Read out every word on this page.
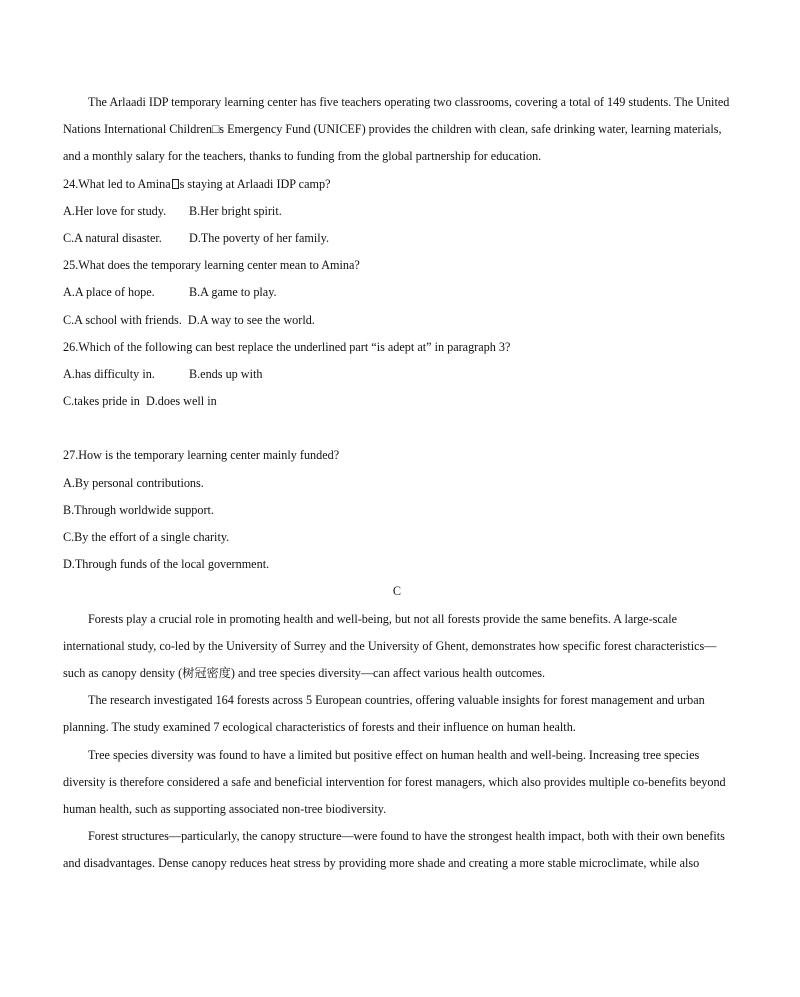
The Arlaadi IDP temporary learning center has five teachers operating two classrooms, covering a total of 149 students. The United
Nations International Children□s Emergency Fund (UNICEF) provides the children with clean, safe drinking water, learning materials,
and a monthly salary for the teachers, thanks to funding from the global partnership for education.
24.What led to Amina s staying at Arlaadi IDP camp?
A.Her love for study. B.Her bright spirit.
C.A natural disaster. D.The poverty of her family.
25.What does the temporary learning center mean to Amina?
A.A place of hope.	B.A game to play.
C.A school with friends. D.A way to see the world.
26.Which of the following can best replace the underlined part “is adept at” in paragraph 3?
A.has difficulty in.	B.ends up with
C.takes pride in D.does well in
27.How is the temporary learning center mainly funded?
A.By personal contributions.
B.Through worldwide support.
C.By the effort of a single charity.
D.Through funds of the local government.
C
Forests play a crucial role in promoting health and well-being, but not all forests provide the same benefits. A large-scale
international study, co-led by the University of Surrey and the University of Ghent, demonstrates how specific forest characteristics—
such as canopy density (树冠密度) and tree species diversity—can affect various health outcomes.
The research investigated 164 forests across 5 European countries, offering valuable insights for forest management and urban
planning. The study examined 7 ecological characteristics of forests and their influence on human health.
Tree species diversity was found to have a limited but positive effect on human health and well-being. Increasing tree species
diversity is therefore considered a safe and beneficial intervention for forest managers, which also provides multiple co-benefits beyond
human health, such as supporting associated non-tree biodiversity.
Forest structures—particularly, the canopy structure—were found to have the strongest health impact, both with their own benefits
and disadvantages. Dense canopy reduces heat stress by providing more shade and creating a more stable microclimate, while also
